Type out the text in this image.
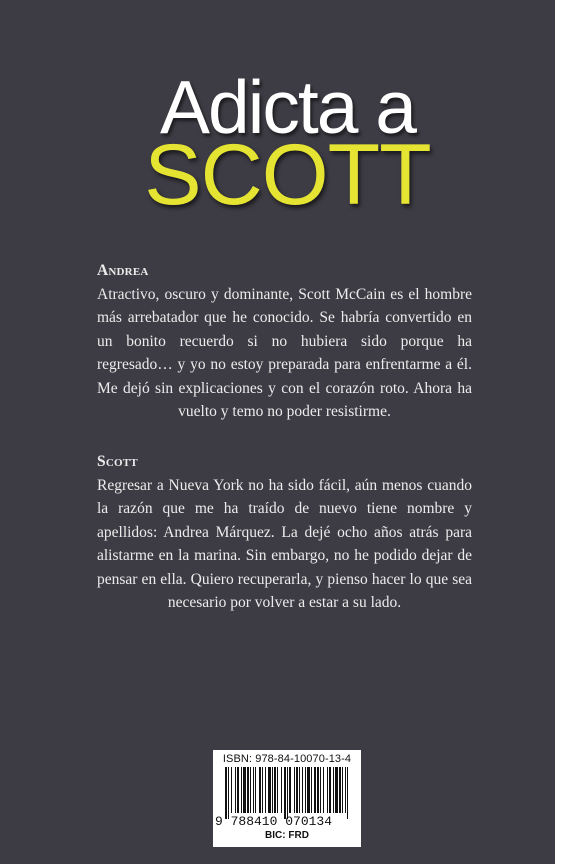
Adicta a
SCOTT
Andrea

Atractivo, oscuro y dominante, Scott McCain es el hombre más arrebatador que he conocido. Se habría convertido en un bonito recuerdo si no hubiera sido porque ha regresado… y yo no estoy preparada para enfrentarme a él. Me dejó sin explicaciones y con el corazón roto. Ahora ha vuelto y temo no poder resistirme.

Scott

Regresar a Nueva York no ha sido fácil, aún menos cuando la razón que me ha traído de nuevo tiene nombre y apellidos: Andrea Márquez. La dejé ocho años atrás para alistarme en la marina. Sin embargo, no he podido dejar de pensar en ella. Quiero recuperarla, y pienso hacer lo que sea necesario por volver a estar a su lado.

ISBN: 978-84-10070-13-4
9 788410 070134
BIC: FRD
